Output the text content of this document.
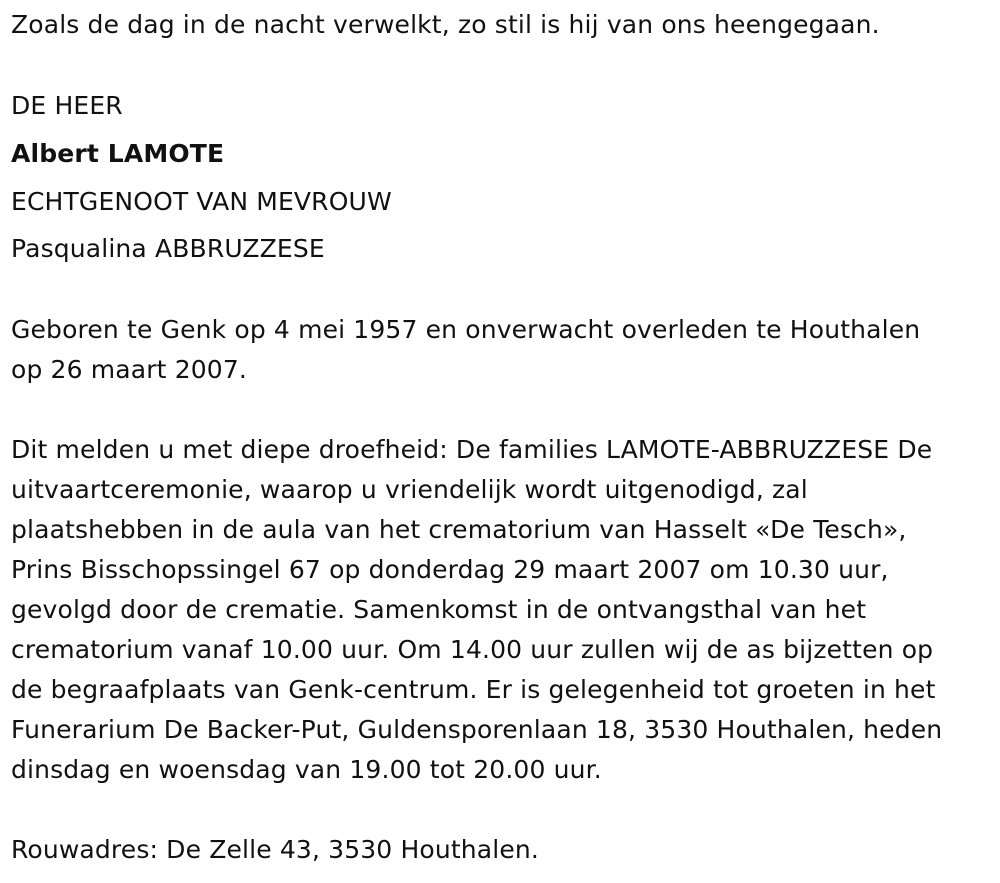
Zoals de dag in de nacht verwelkt, zo stil is hij van ons heengegaan.
DE HEER
Albert LAMOTE
ECHTGENOOT VAN MEVROUW
Pasqualina ABBRUZZESE
Geboren te Genk op 4 mei 1957 en onverwacht overleden te Houthalen
op 26 maart 2007.
Dit melden u met diepe droefheid: De families LAMOTE-ABBRUZZESE De
uitvaartceremonie, waarop u vriendelijk wordt uitgenodigd, zal
plaatshebben in de aula van het crematorium van Hasselt «De Tesch»,
Prins Bisschopssingel 67 op donderdag 29 maart 2007 om 10.30 uur,
gevolgd door de crematie. Samenkomst in de ontvangsthal van het
crematorium vanaf 10.00 uur. Om 14.00 uur zullen wij de as bijzetten op
de begraafplaats van Genk-centrum. Er is gelegenheid tot groeten in het
Funerarium De Backer-Put, Guldensporenlaan 18, 3530 Houthalen, heden
dinsdag en woensdag van 19.00 tot 20.00 uur.
Rouwadres: De Zelle 43, 3530 Houthalen.
